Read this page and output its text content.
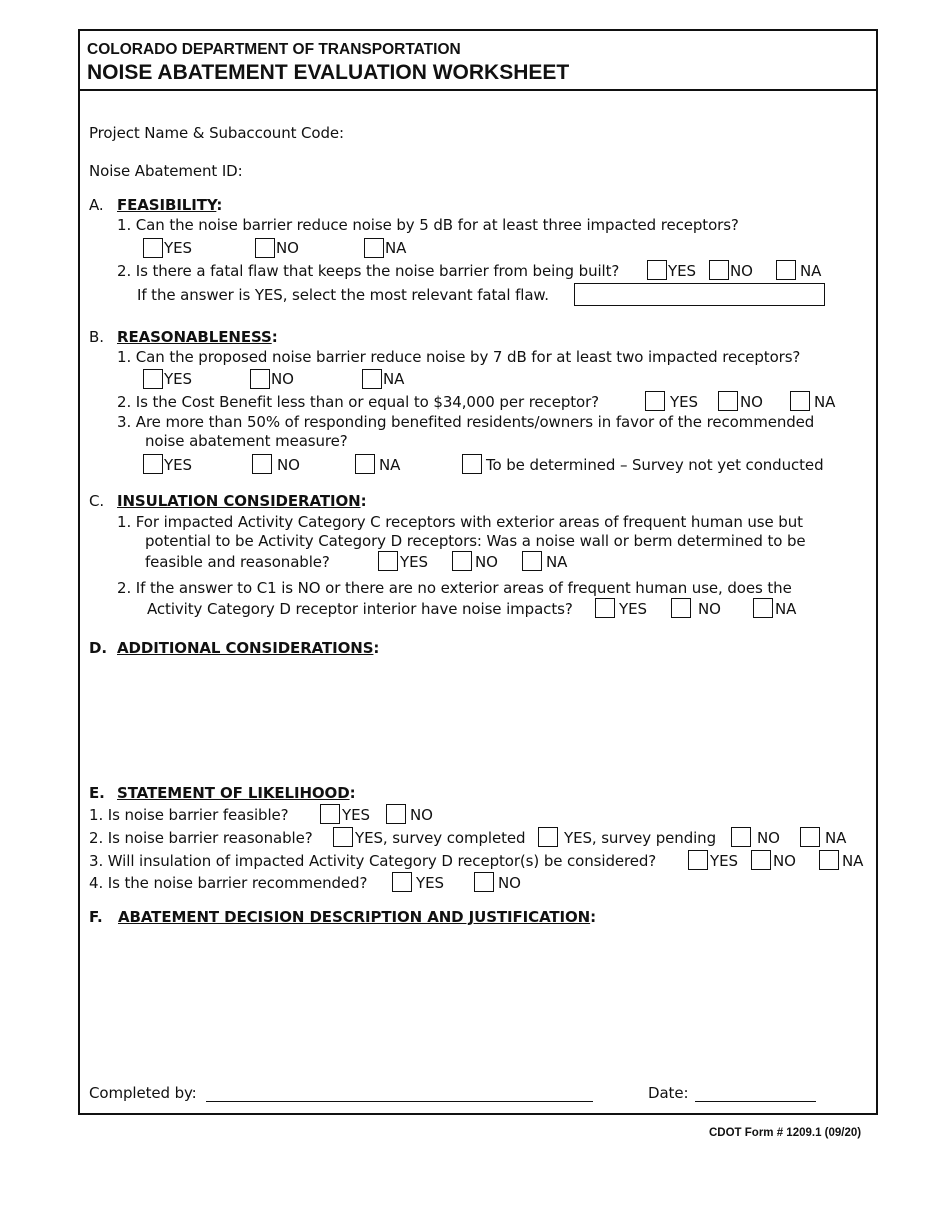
COLORADO DEPARTMENT OF TRANSPORTATION
NOISE ABATEMENT EVALUATION WORKSHEET
Project Name & Subaccount Code:
Noise Abatement ID:
A. FEASIBILITY:
1. Can the noise barrier reduce noise by 5 dB for at least three impacted receptors?
YES	NO	NA
2. Is there a fatal flaw that keeps the noise barrier from being built?	YES NO	NA
If the answer is YES, select the most relevant fatal flaw.
B. REASONABLENESS:
1. Can the proposed noise barrier reduce noise by 7 dB for at least two impacted receptors?
YES	NO	NA
2. Is the Cost Benefit less than or equal to $34,000 per receptor?	YES	NO	NA
3. Are more than 50% of responding benefited residents/owners in favor of the recommended
noise abatement measure?
YES	NO	NA	To be determined – Survey not yet conducted
C. INSULATION CONSIDERATION:
1. For impacted Activity Category C receptors with exterior areas of frequent human use but
potential to be Activity Category D receptors: Was a noise wall or berm determined to be
feasible and reasonable?	YES	NO	NA
2. If the answer to C1 is NO or there are no exterior areas of frequent human use, does the
Activity Category D receptor interior have noise impacts?	YES	NO	NA
D. ADDITIONAL CONSIDERATIONS:
E. STATEMENT OF LIKELIHOOD:
1. Is noise barrier feasible?	YES	NO
2. Is noise barrier reasonable?	YES, survey completed	YES, survey pending	NO	NA
3. Will insulation of impacted Activity Category D receptor(s) be considered?	YES NO	NA
4. Is the noise barrier recommended?	YES	NO
F. ABATEMENT DECISION DESCRIPTION AND JUSTIFICATION:
Completed by:	Date:
CDOT Form # 1209.1 (09/20)
